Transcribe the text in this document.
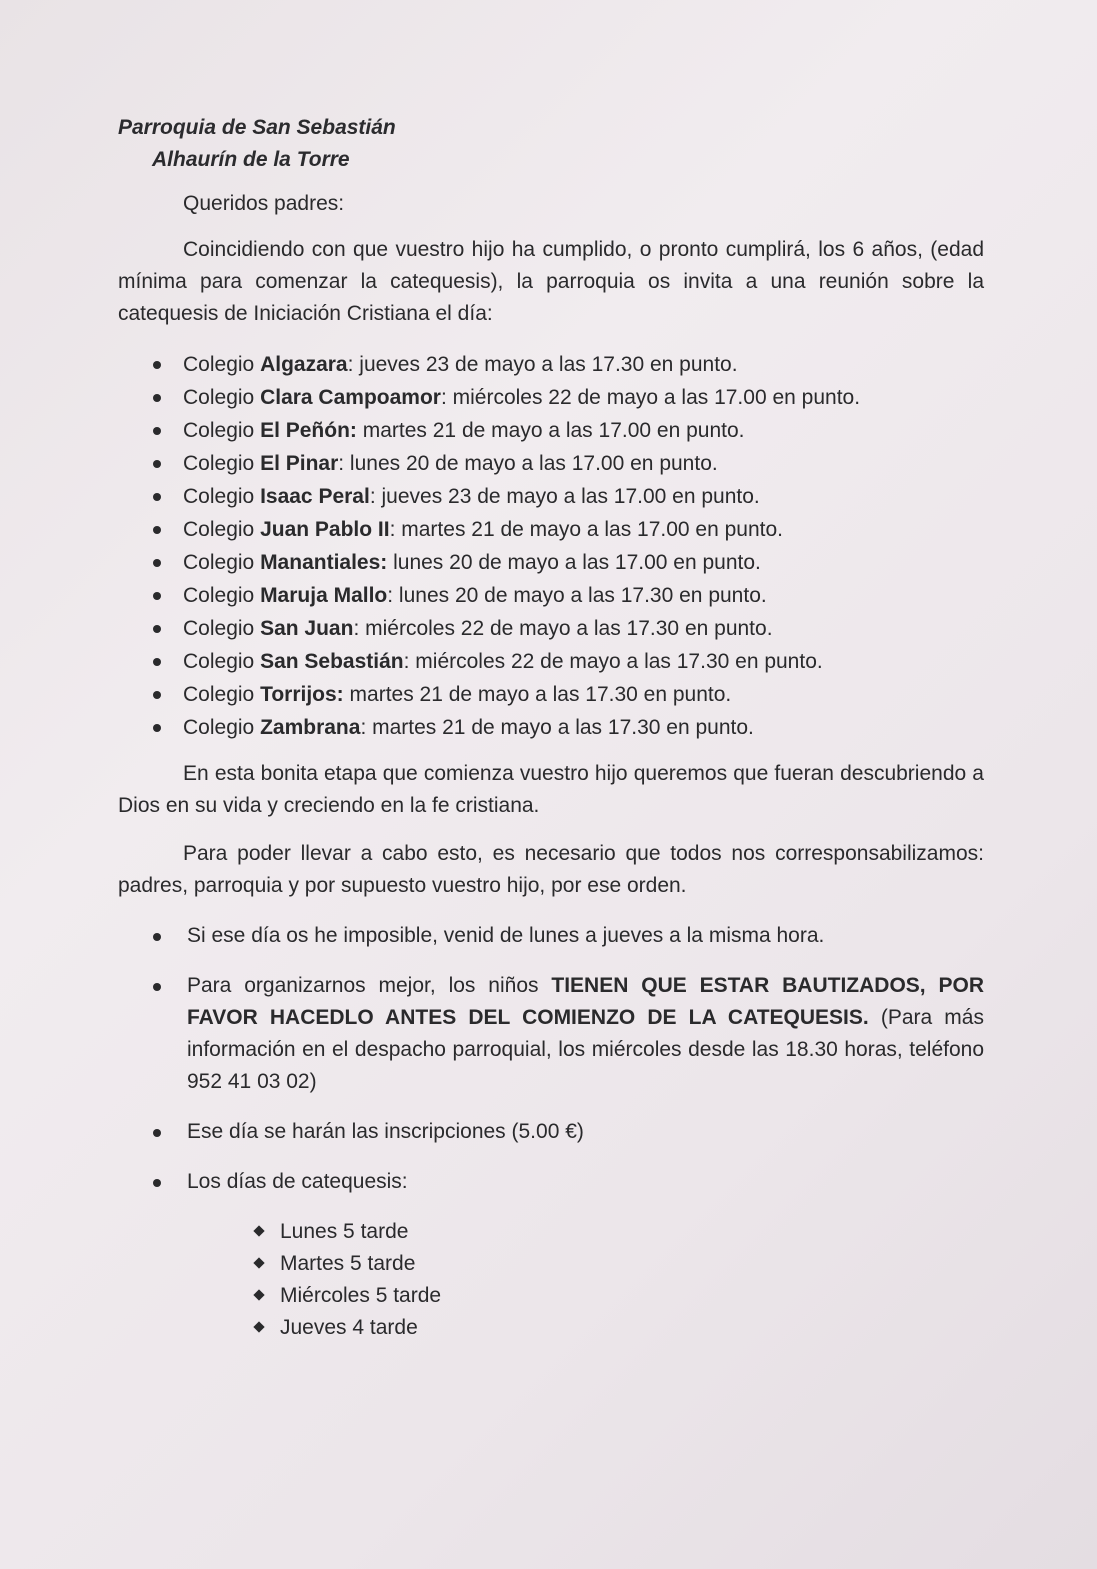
Parroquia de San Sebastián
Alhaurín de la Torre
Queridos padres:
Coincidiendo con que vuestro hijo ha cumplido, o pronto cumplirá, los 6 años, (edad mínima para comenzar la catequesis), la parroquia os invita a una reunión sobre la catequesis de Iniciación Cristiana el día:
Colegio Algazara: jueves 23 de mayo a las 17.30 en punto.
Colegio Clara Campoamor: miércoles 22 de mayo a las 17.00 en punto.
Colegio El Peñón: martes 21 de mayo a las 17.00 en punto.
Colegio El Pinar: lunes 20 de mayo a las 17.00 en punto.
Colegio Isaac Peral: jueves 23 de mayo a las 17.00 en punto.
Colegio Juan Pablo II: martes 21 de mayo a las 17.00 en punto.
Colegio Manantiales: lunes 20 de mayo a las 17.00 en punto.
Colegio Maruja Mallo: lunes 20 de mayo a las 17.30 en punto.
Colegio San Juan: miércoles 22 de mayo a las 17.30 en punto.
Colegio San Sebastián: miércoles 22 de mayo a las 17.30 en punto.
Colegio Torrijos: martes 21 de mayo a las 17.30 en punto.
Colegio Zambrana: martes 21 de mayo a las 17.30 en punto.
En esta bonita etapa que comienza vuestro hijo queremos que fueran descubriendo a Dios en su vida y creciendo en la fe cristiana.
Para poder llevar a cabo esto, es necesario que todos nos corresponsabilizamos: padres, parroquia y por supuesto vuestro hijo, por ese orden.
Si ese día os he imposible, venid de lunes a jueves a la misma hora.
Para organizarnos mejor, los niños TIENEN QUE ESTAR BAUTIZADOS, POR FAVOR HACEDLO ANTES DEL COMIENZO DE LA CATEQUESIS. (Para más información en el despacho parroquial, los miércoles desde las 18.30 horas, teléfono 952 41 03 02)
Ese día se harán las inscripciones (5.00 €)
Los días de catequesis:
Lunes 5 tarde
Martes 5 tarde
Miércoles 5 tarde
Jueves 4 tarde
